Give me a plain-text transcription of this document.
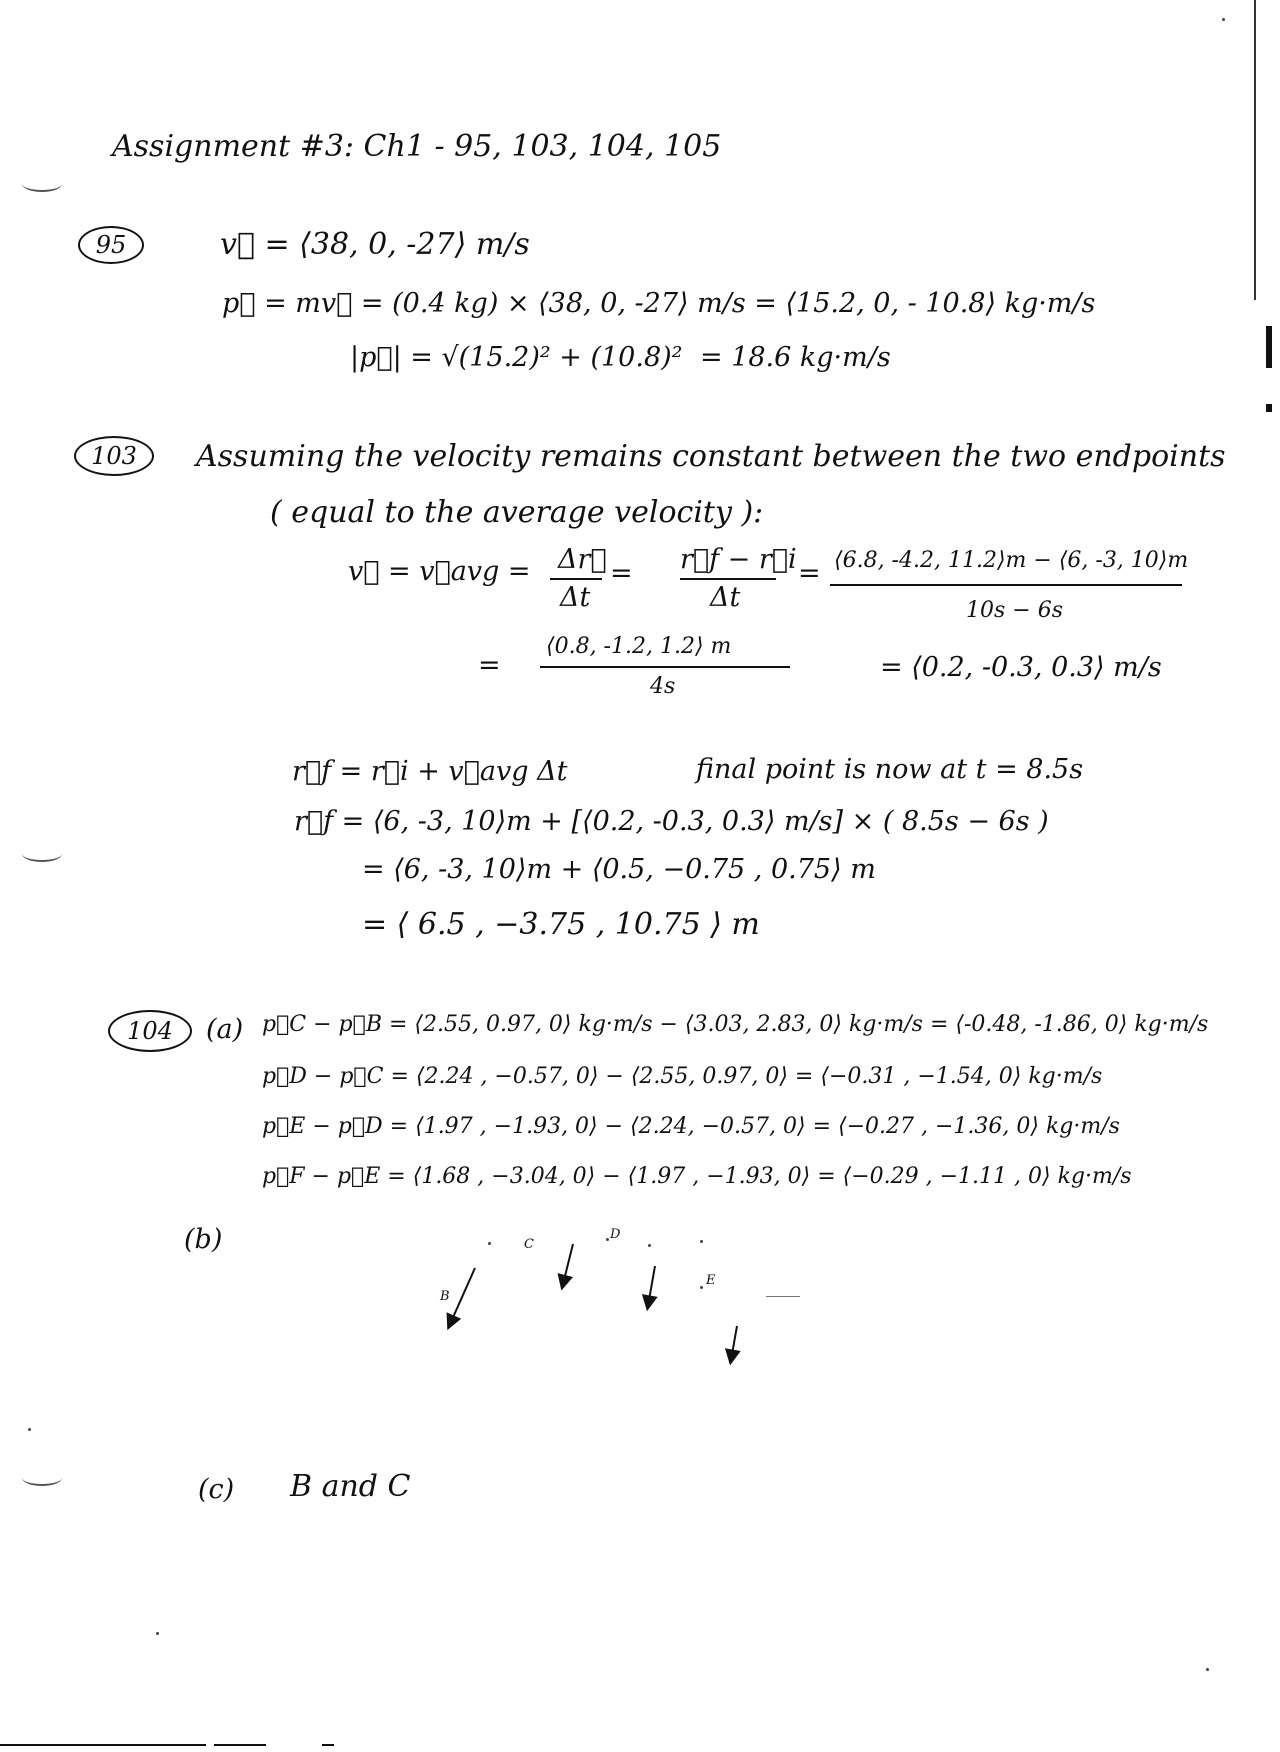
Assignment #3: Ch1 - 95, 103, 104, 105
95	v⃗ = ⟨38, 0, -27⟩ m/s
p⃗ = mv⃗ = (0.4 kg) × ⟨38, 0, -27⟩ m/s = ⟨15.2, 0, - 10.8⟩ kg·m/s
|p⃗| = √(15.2)² + (10.8)² = 18.6 kg·m/s
103 Assuming the velocity remains constant between the two endpoints
( equal to the average velocity ):
v⃗ = v⃗avg = Δr⃗
Δt
= r⃗f − r⃗i
Δt
= ⟨6.8, -4.2, 11.2⟩m − ⟨6, -3, 10⟩m
10s − 6s
=
⟨0.8, -1.2, 1.2⟩ m
4s
= ⟨0.2, -0.3, 0.3⟩ m/s
r⃗f = r⃗i + v⃗avg Δt	final point is now at t = 8.5s
r⃗f = ⟨6, -3, 10⟩m + [⟨0.2, -0.3, 0.3⟩ m/s] × ( 8.5s − 6s )
= ⟨6, -3, 10⟩m + ⟨0.5, −0.75 , 0.75⟩ m
= ⟨ 6.5 , −3.75 , 10.75 ⟩ m
104 (a) p⃗C − p⃗B = ⟨2.55, 0.97, 0⟩ kg·m/s − ⟨3.03, 2.83, 0⟩ kg·m/s = ⟨-0.48, -1.86, 0⟩ kg·m/s
p⃗D − p⃗C = ⟨2.24 , −0.57, 0⟩ − ⟨2.55, 0.97, 0⟩ = ⟨−0.31 , −1.54, 0⟩ kg·m/s
p⃗E − p⃗D = ⟨1.97 , −1.93, 0⟩ − ⟨2.24, −0.57, 0⟩ = ⟨−0.27 , −1.36, 0⟩ kg·m/s
p⃗F − p⃗E = ⟨1.68 , −3.04, 0⟩ − ⟨1.97 , −1.93, 0⟩ = ⟨−0.29 , −1.11 , 0⟩ kg·m/s
(b)
B
C
D
E
(c) B and C
